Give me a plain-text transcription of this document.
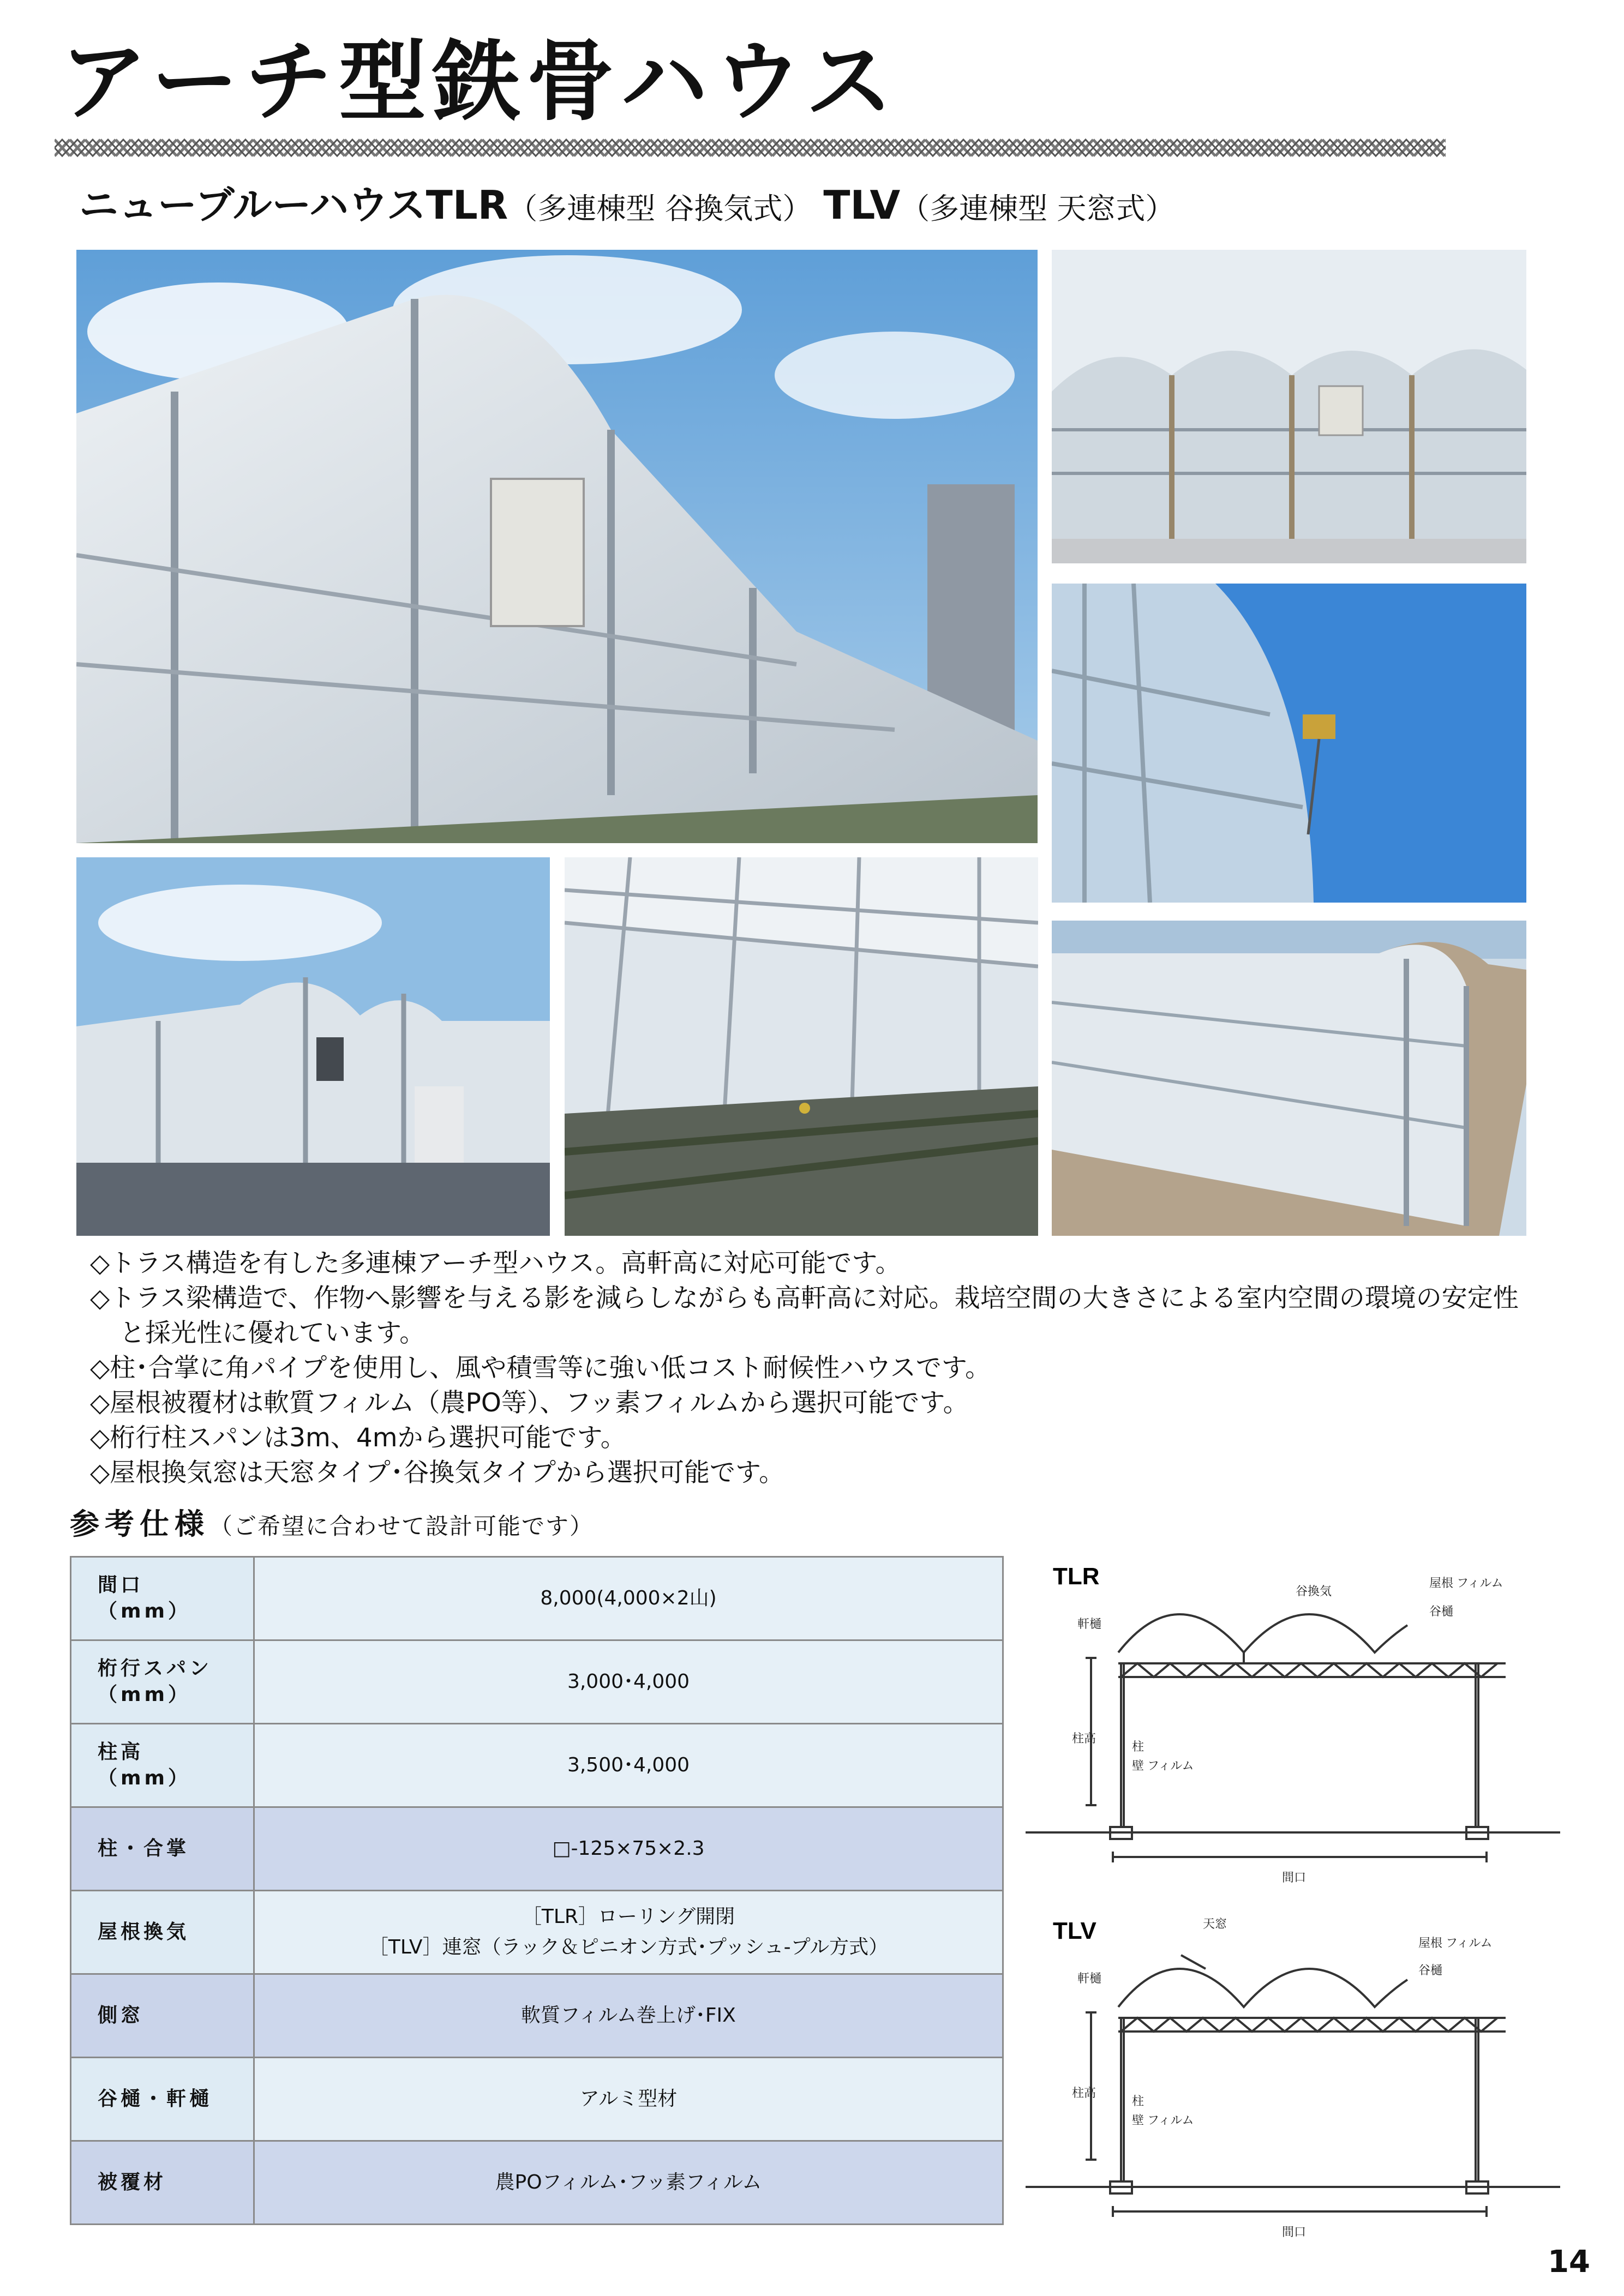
アーチ型鉄骨ハウス
ニューブルーハウスTLR（多連棟型 谷換気式） TLV（多連棟型 天窓式）
◇トラス構造を有した多連棟アーチ型ハウス。高軒高に対応可能です。
◇トラス梁構造で、作物へ影響を与える影を減らしながらも高軒高に対応。栽培空間の大きさによる室内空間の環境の安定性と採光性に優れています。
◇柱･合掌に角パイプを使用し、風や積雪等に強い低コスト耐候性ハウスです。
◇屋根被覆材は軟質フィルム（農PO等）、フッ素フィルムから選択可能です。
◇桁行柱スパンは3m、4mから選択可能です。
◇屋根換気窓は天窓タイプ･谷換気タイプから選択可能です。
参考仕様（ご希望に合わせて設計可能です）
間口
（mm）	8,000(4,000×2山)

桁行スパン
（mm）	3,000･4,000

柱高
（mm）	3,500･4,000

柱・合掌	□-125×75×2.3

屋根換気	［TLR］ローリング開閉
［TLV］連窓（ラック＆ピニオン方式･プッシュ-プル方式）

側窓	軟質フィルム巻上げ･FIX

谷樋・軒樋	アルミ型材

被覆材	農POフィルム･フッ素フィルム
TLR
谷換気
屋根 フィルム
谷樋
軒樋
柱高
柱
壁 フィルム
間口
TLV	天窓
屋根 フィルム
谷樋
軒樋
柱高
柱
壁 フィルム
間口
14
